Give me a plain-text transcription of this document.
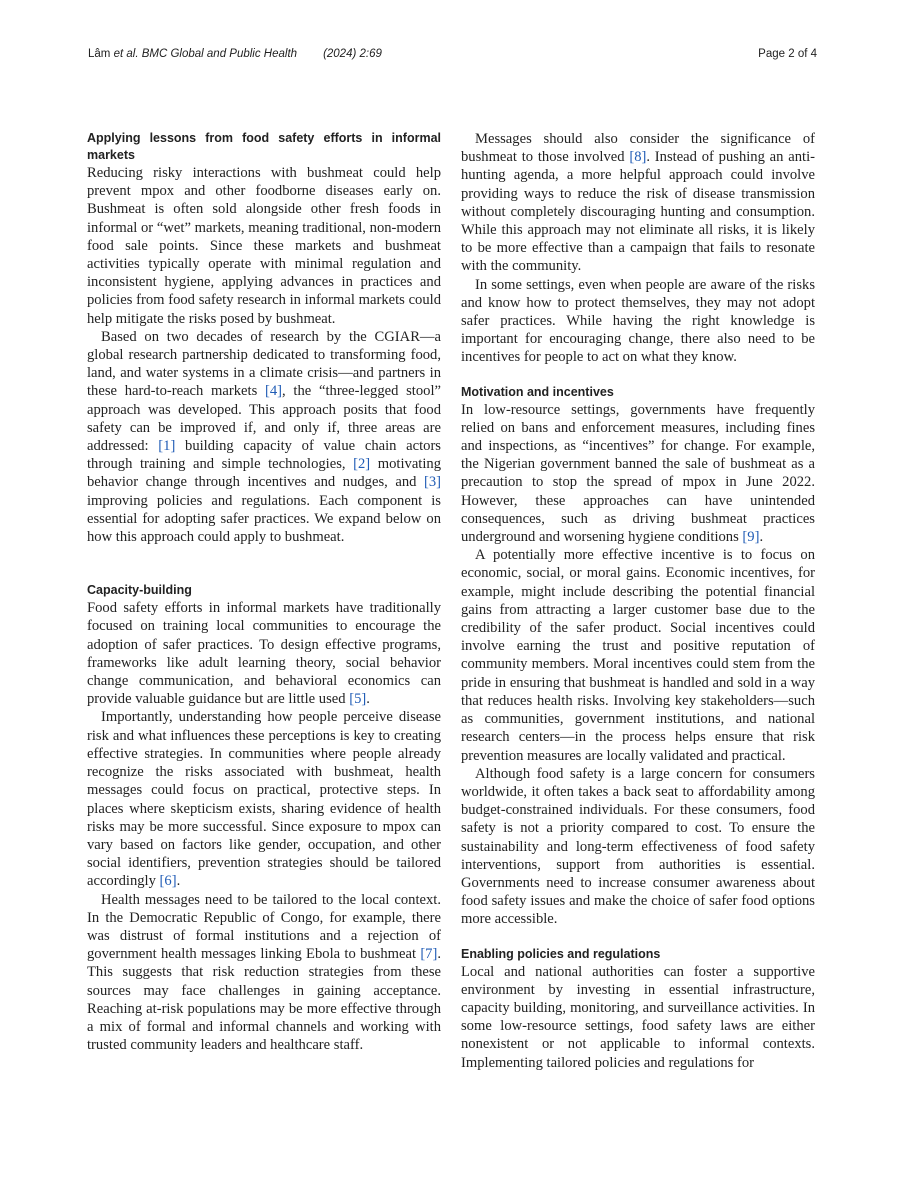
Lâm et al. BMC Global and Public Health (2024) 2:69	Page 2 of 4
Applying lessons from food safety efforts in informal markets

Reducing risky interactions with bushmeat could help prevent mpox and other foodborne diseases early on. Bushmeat is often sold alongside other fresh foods in informal or “wet” markets, meaning traditional, non-modern food sale points. Since these markets and bushmeat activities typically operate with minimal regulation and inconsistent hygiene, applying advances in practices and policies from food safety research in informal markets could help mitigate the risks posed by bushmeat.

Based on two decades of research by the CGIAR—a global research partnership dedicated to transforming food, land, and water systems in a climate crisis—and partners in these hard-to-reach markets [4], the “three-legged stool” approach was developed. This approach posits that food safety can be improved if, and only if, three areas are addressed: [1] building capacity of value chain actors through training and simple technologies, [2] motivating behavior change through incentives and nudges, and [3] improving policies and regulations. Each component is essential for adopting safer practices. We expand below on how this approach could apply to bushmeat.

Capacity-building

Food safety efforts in informal markets have traditionally focused on training local communities to encourage the adoption of safer practices. To design effective programs, frameworks like adult learning theory, social behavior change communication, and behavioral economics can provide valuable guidance but are little used [5].

Importantly, understanding how people perceive disease risk and what influences these perceptions is key to creating effective strategies. In communities where people already recognize the risks associated with bushmeat, health messages could focus on practical, protective steps. In places where skepticism exists, sharing evidence of health risks may be more successful. Since exposure to mpox can vary based on factors like gender, occupation, and other social identifiers, prevention strategies should be tailored accordingly [6].

Health messages need to be tailored to the local context. In the Democratic Republic of Congo, for example, there was distrust of formal institutions and a rejection of government health messages linking Ebola to bushmeat [7]. This suggests that risk reduction strategies from these sources may face challenges in gaining acceptance. Reaching at-risk populations may be more effective through a mix of formal and informal channels and working with trusted community leaders and healthcare staff.

Messages should also consider the significance of bushmeat to those involved [8]. Instead of pushing an anti-hunting agenda, a more helpful approach could involve providing ways to reduce the risk of disease transmission without completely discouraging hunting and consumption. While this approach may not eliminate all risks, it is likely to be more effective than a campaign that fails to resonate with the community.

In some settings, even when people are aware of the risks and know how to protect themselves, they may not adopt safer practices. While having the right knowledge is important for encouraging change, there also need to be incentives for people to act on what they know.

Motivation and incentives

In low-resource settings, governments have frequently relied on bans and enforcement measures, including fines and inspections, as “incentives” for change. For example, the Nigerian government banned the sale of bushmeat as a precaution to stop the spread of mpox in June 2022. However, these approaches can have unintended consequences, such as driving bushmeat practices underground and worsening hygiene conditions [9].

A potentially more effective incentive is to focus on economic, social, or moral gains. Economic incentives, for example, might include describing the potential financial gains from attracting a larger customer base due to the credibility of the safer product. Social incentives could involve earning the trust and positive reputation of community members. Moral incentives could stem from the pride in ensuring that bushmeat is handled and sold in a way that reduces health risks. Involving key stakeholders—such as communities, government institutions, and national research centers—in the process helps ensure that risk prevention measures are locally validated and practical.

Although food safety is a large concern for consumers worldwide, it often takes a back seat to affordability among budget-constrained individuals. For these consumers, food safety is not a priority compared to cost. To ensure the sustainability and long-term effectiveness of food safety interventions, support from authorities is essential. Governments need to increase consumer awareness about food safety issues and make the choice of safer food options more accessible.

Enabling policies and regulations

Local and national authorities can foster a supportive environment by investing in essential infrastructure, capacity building, monitoring, and surveillance activities. In some low-resource settings, food safety laws are either nonexistent or not applicable to informal contexts. Implementing tailored policies and regulations for
